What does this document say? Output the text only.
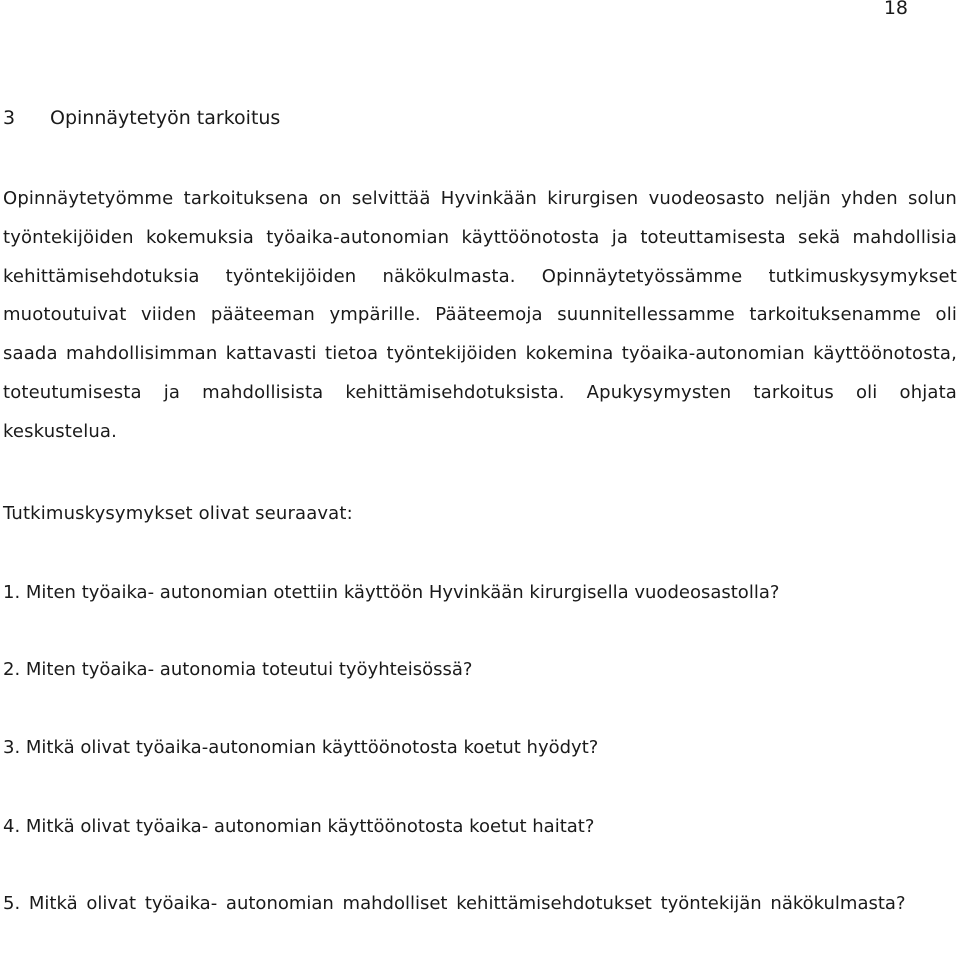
18
3 Opinnäytetyön tarkoitus

Opinnäytetyömme tarkoituksena on selvittää Hyvinkään kirurgisen vuodeosasto neljän yhden solun työntekijöiden kokemuksia työaika-autonomian käyttöönotosta ja toteuttamisesta sekä mahdollisia kehittämisehdotuksia työntekijöiden näkökulmasta. Opinnäytetyössämme tutkimuskysymykset muotoutuivat viiden pääteeman ympärille. Pääteemoja suunnitellessamme tarkoituksenamme oli saada mahdollisimman kattavasti tietoa työntekijöiden kokemina työaika-autonomian käyttöönotosta, toteutumisesta ja mahdollisista kehittämisehdotuksista. Apukysymysten tarkoitus oli ohjata keskustelua.

Tutkimuskysymykset olivat seuraavat:

1. Miten työaika- autonomian otettiin käyttöön Hyvinkään kirurgisella vuodeosastolla?
2. Miten työaika- autonomia toteutui työyhteisössä?
3. Mitkä olivat työaika-autonomian käyttöönotosta koetut hyödyt?
4. Mitkä olivat työaika- autonomian käyttöönotosta koetut haitat?
5. Mitkä olivat työaika- autonomian mahdolliset kehittämisehdotukset työntekijän näkökulmasta?
